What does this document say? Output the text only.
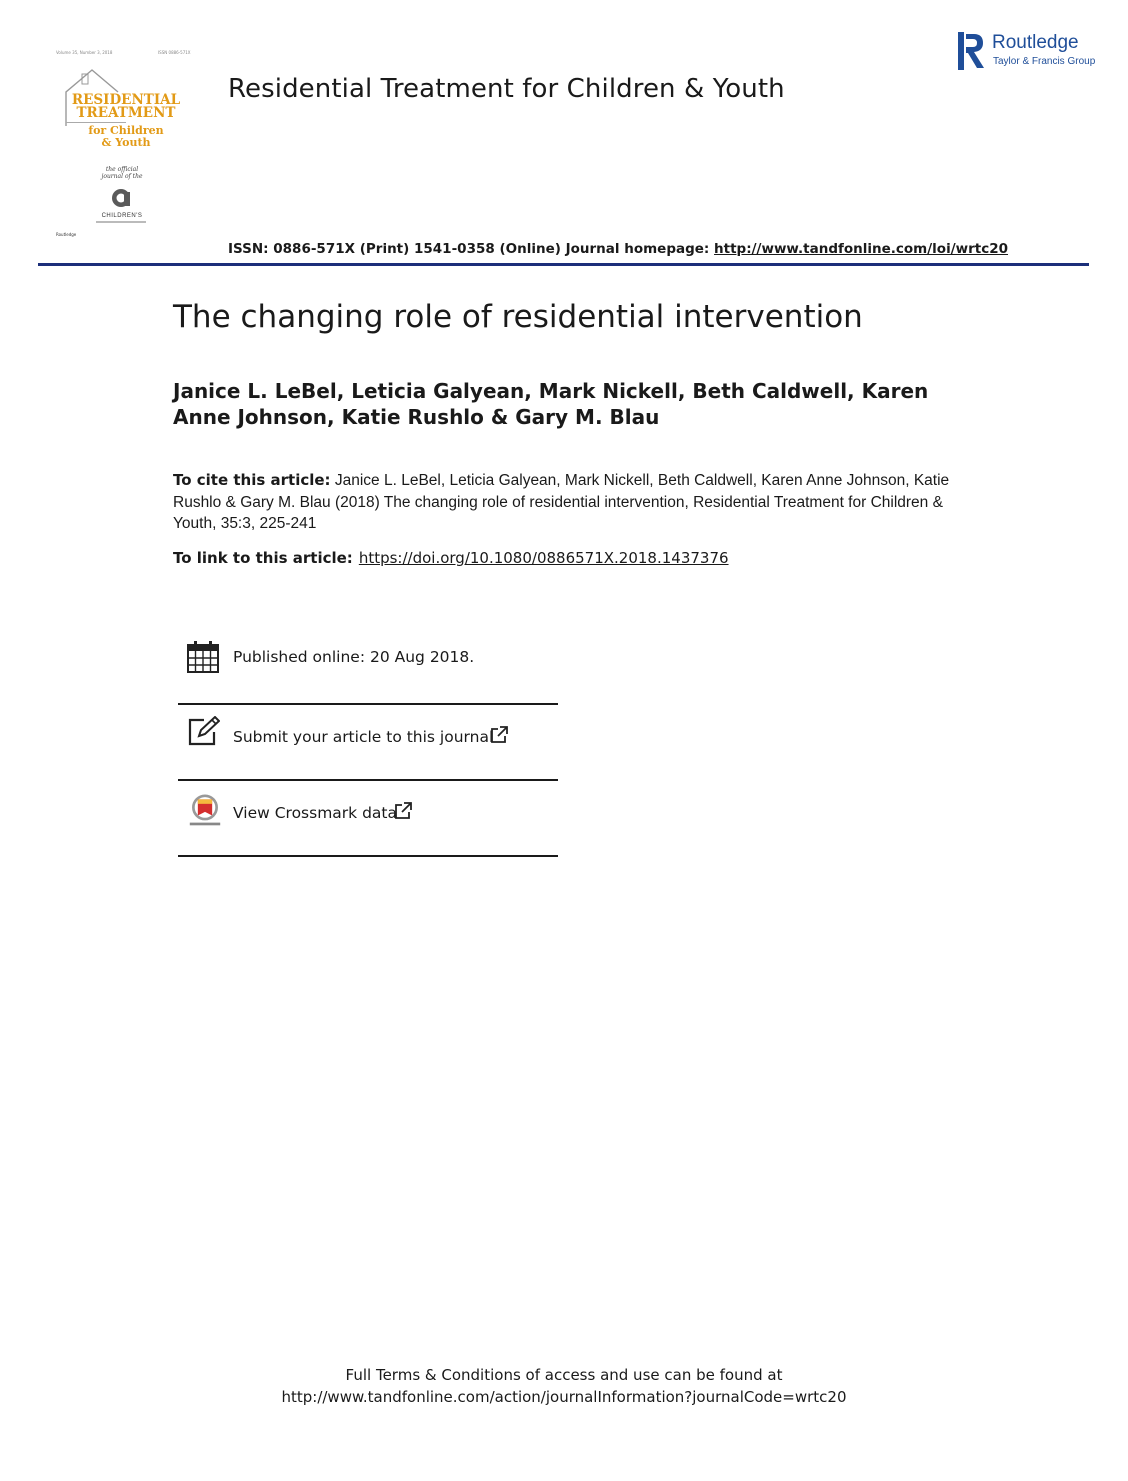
Volume 35, Number 3, 2018	ISSN 0886-571X
RESIDENTIAL
TREATMENT
for Children
& Youth
the official
journal of the
CHILDREN'S
Routledge
Residential Treatment for Children & Youth
Routledge
Taylor & Francis Group
ISSN: 0886-571X (Print) 1541-0358 (Online) Journal homepage: http://www.tandfonline.com/loi/wrtc20
The changing role of residential intervention
Janice L. LeBel, Leticia Galyean, Mark Nickell, Beth Caldwell, Karen Anne Johnson, Katie Rushlo & Gary M. Blau
To cite this article: Janice L. LeBel, Leticia Galyean, Mark Nickell, Beth Caldwell, Karen Anne Johnson, Katie Rushlo & Gary M. Blau (2018) The changing role of residential intervention, Residential Treatment for Children & Youth, 35:3, 225-241
To link to this article: https://doi.org/10.1080/0886571X.2018.1437376
Published online: 20 Aug 2018.
Submit your article to this journal
View Crossmark data
Full Terms & Conditions of access and use can be found at
http://www.tandfonline.com/action/journalInformation?journalCode=wrtc20
